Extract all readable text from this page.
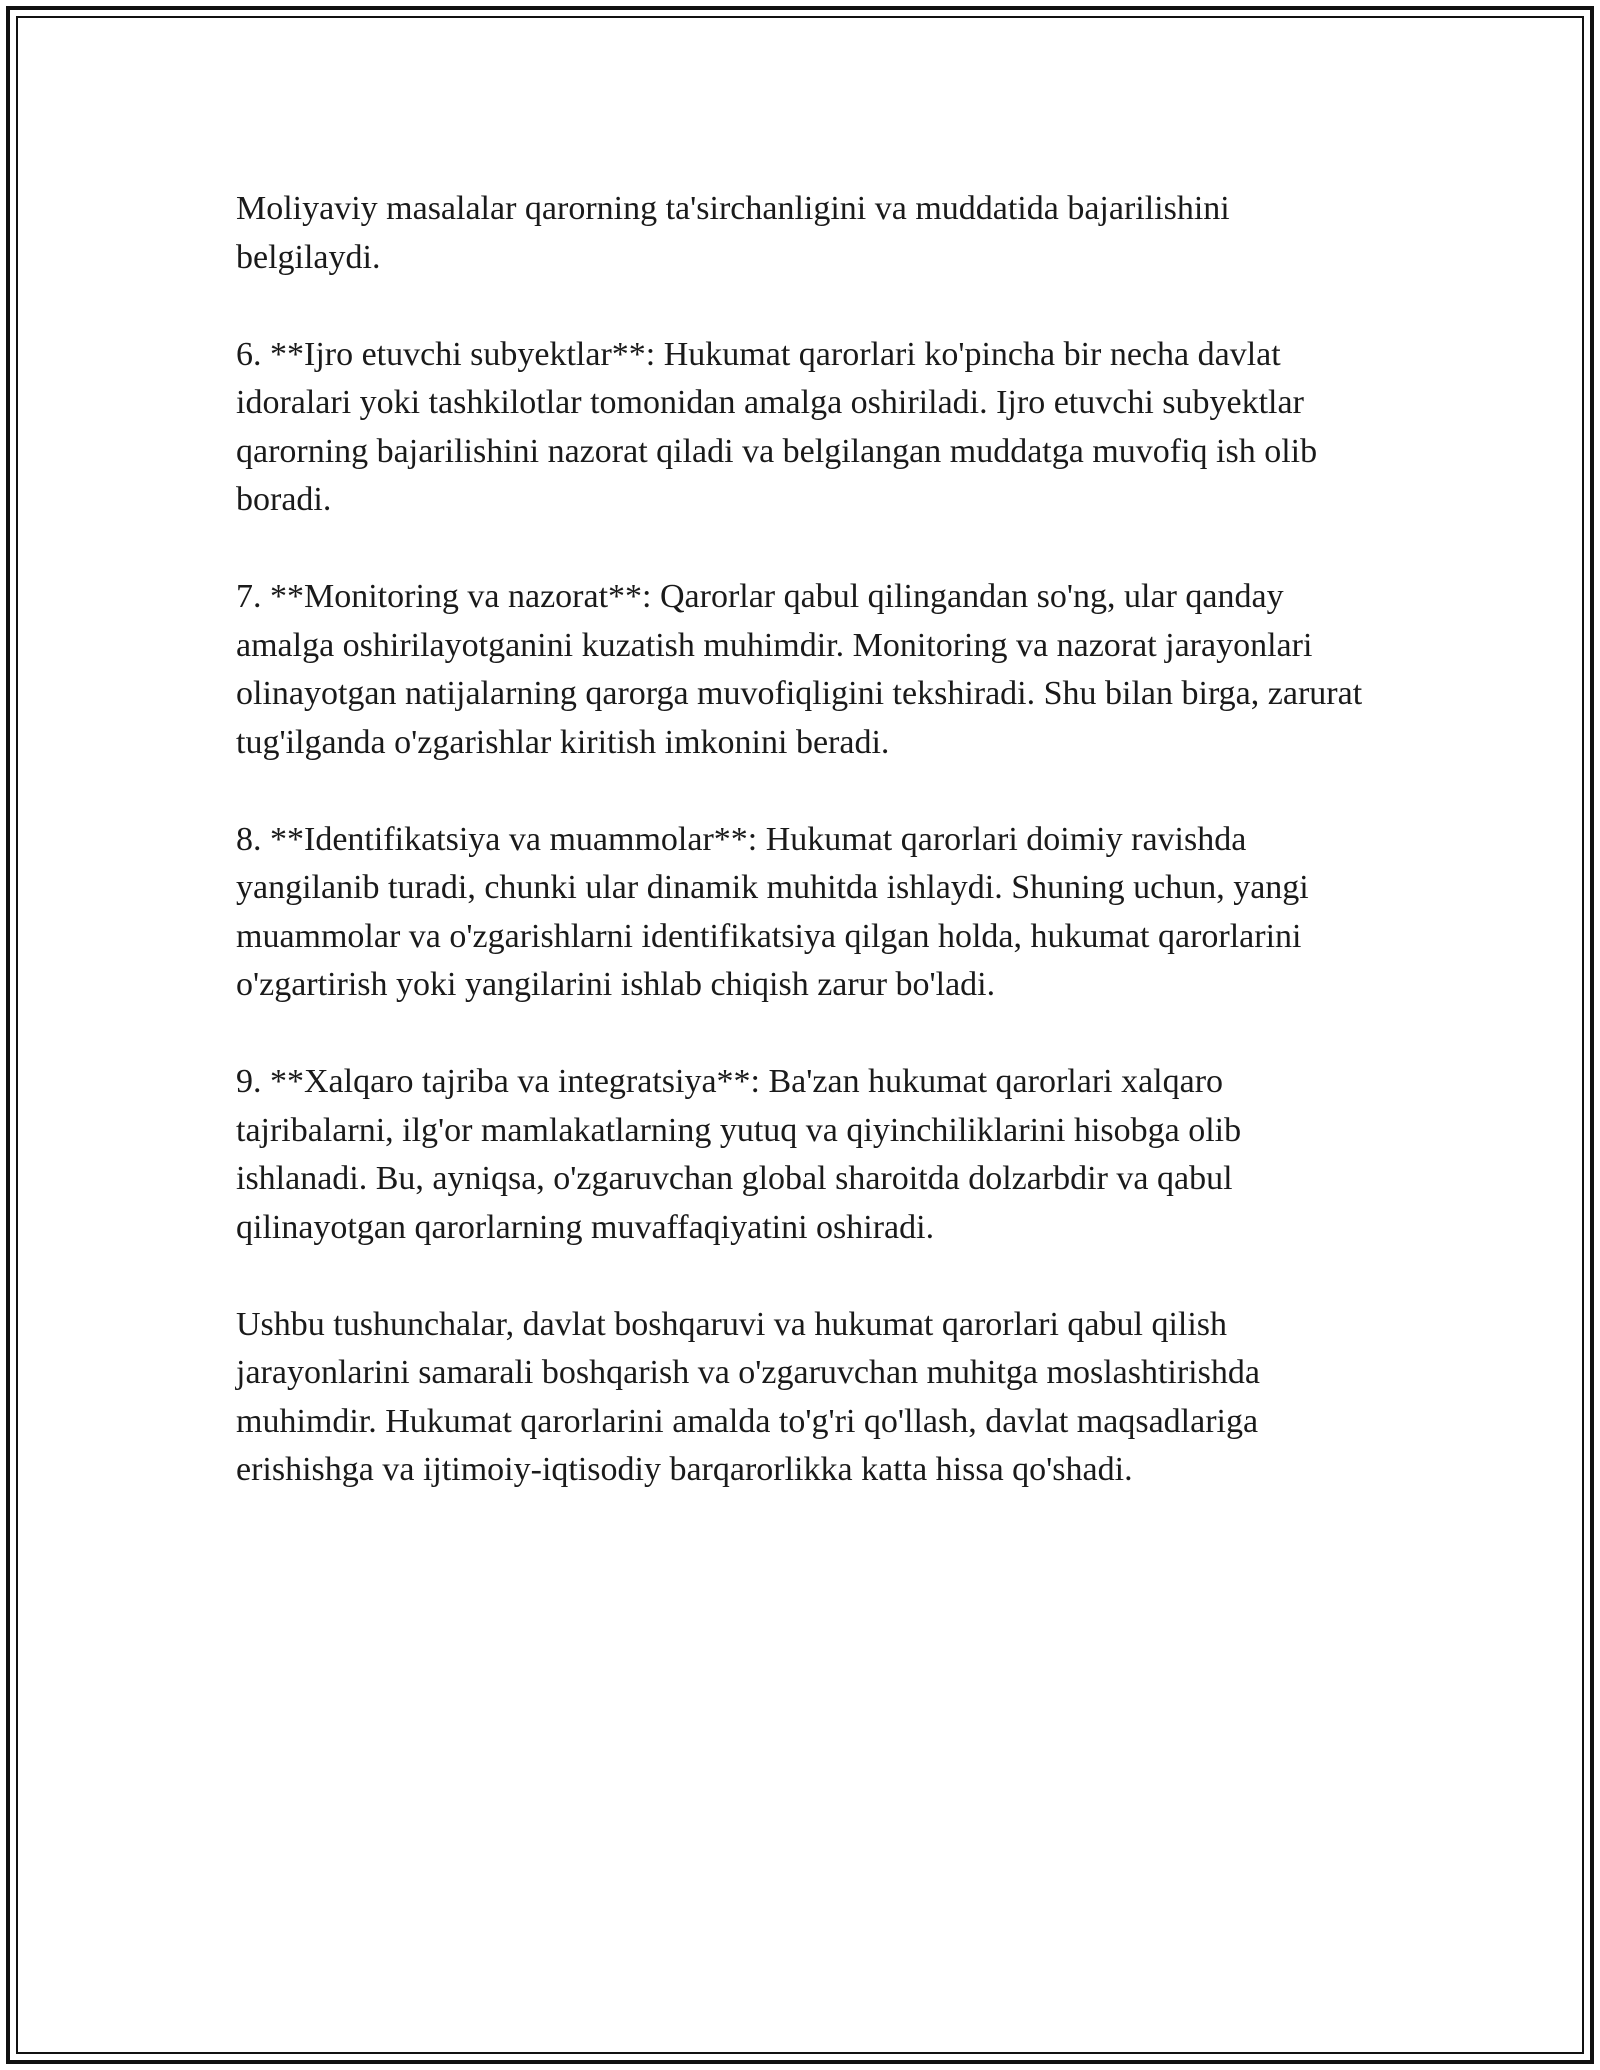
Moliyaviy masalalar qarorning ta'sirchanligini va muddatida bajarilishini belgilaydi.

6. **Ijro etuvchi subyektlar**: Hukumat qarorlari ko'pincha bir necha davlat idoralari yoki tashkilotlar tomonidan amalga oshiriladi. Ijro etuvchi subyektlar qarorning bajarilishini nazorat qiladi va belgilangan muddatga muvofiq ish olib boradi.

7. **Monitoring va nazorat**: Qarorlar qabul qilingandan so'ng, ular qanday amalga oshirilayotganini kuzatish muhimdir. Monitoring va nazorat jarayonlari olinayotgan natijalarning qarorga muvofiqligini tekshiradi. Shu bilan birga, zarurat tug'ilganda o'zgarishlar kiritish imkonini beradi.

8. **Identifikatsiya va muammolar**: Hukumat qarorlari doimiy ravishda yangilanib turadi, chunki ular dinamik muhitda ishlaydi. Shuning uchun, yangi muammolar va o'zgarishlarni identifikatsiya qilgan holda, hukumat qarorlarini o'zgartirish yoki yangilarini ishlab chiqish zarur bo'ladi.

9. **Xalqaro tajriba va integratsiya**: Ba'zan hukumat qarorlari xalqaro tajribalarni, ilg'or mamlakatlarning yutuq va qiyinchiliklarini hisobga olib ishlanadi. Bu, ayniqsa, o'zgaruvchan global sharoitda dolzarbdir va qabul qilinayotgan qarorlarning muvaffaqiyatini oshiradi.

Ushbu tushunchalar, davlat boshqaruvi va hukumat qarorlari qabul qilish jarayonlarini samarali boshqarish va o'zgaruvchan muhitga moslashtirishda muhimdir. Hukumat qarorlarini amalda to'g'ri qo'llash, davlat maqsadlariga erishishga va ijtimoiy-iqtisodiy barqarorlikka katta hissa qo'shadi.
